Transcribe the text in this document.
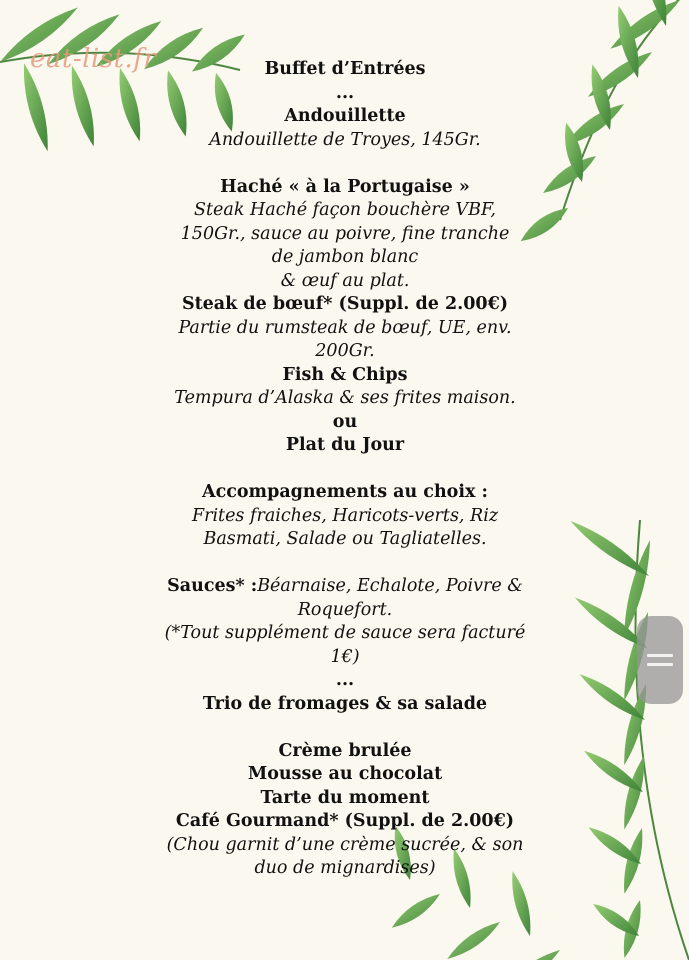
eat-list.fr	Buffet d’Entrées
...
Andouillette
Andouillette de Troyes, 145Gr.
Haché « à la Portugaise »
Steak Haché façon bouchère VBF,
150Gr., sauce au poivre, fine tranche
de jambon blanc
& œuf au plat.
Steak de bœuf* (Suppl. de 2.00€)
Partie du rumsteak de bœuf, UE, env.
200Gr.
Fish & Chips
Tempura d’Alaska & ses frites maison.
ou
Plat du Jour
Accompagnements au choix :
Frites fraiches, Haricots-verts, Riz
Basmati, Salade ou Tagliatelles.
Sauces* :Béarnaise, Echalote, Poivre &
Roquefort.
(*Tout supplément de sauce sera facturé
1€)
...
Trio de fromages & sa salade
Crème brulée
Mousse au chocolat
Tarte du moment
Café Gourmand* (Suppl. de 2.00€)
(Chou garnit d’une crème sucrée, & son
duo de mignardises)
